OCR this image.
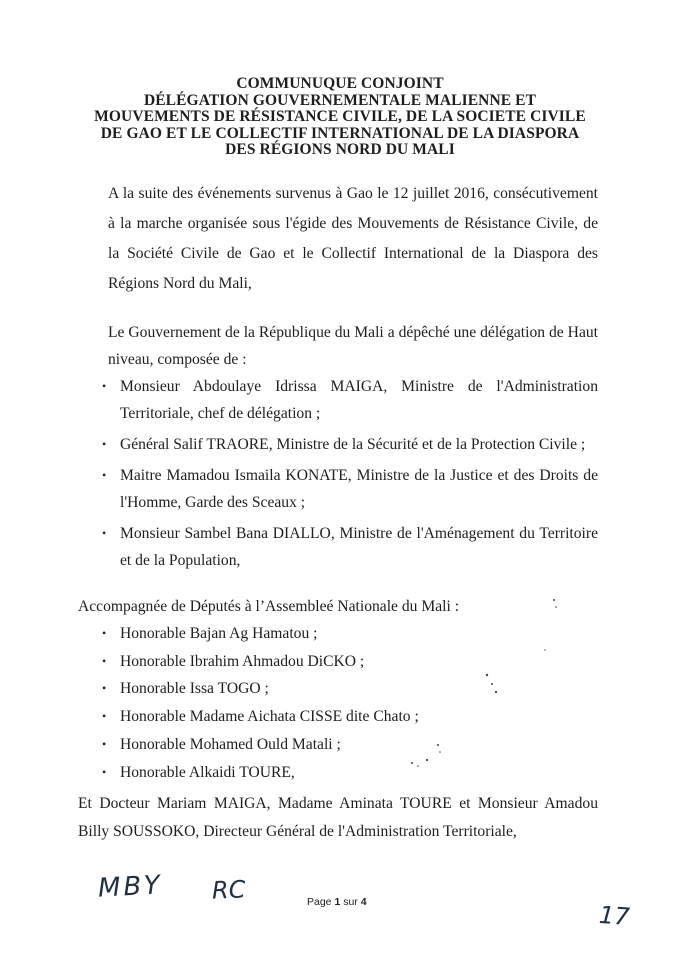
COMMUNUQUE CONJOINT
DÉLÉGATION GOUVERNEMENTALE MALIENNE ET
MOUVEMENTS DE RÉSISTANCE CIVILE, DE LA SOCIETE CIVILE
DE GAO ET LE COLLECTIF INTERNATIONAL DE LA DIASPORA
DES RÉGIONS NORD DU MALI
A la suite des événements survenus à Gao le 12 juillet 2016, consécutivement à la marche organisée sous l'égide des Mouvements de Résistance Civile, de la Société Civile de Gao et le Collectif International de la Diaspora des Régions Nord du Mali,
Le Gouvernement de la République du Mali a dépêché une délégation de Haut niveau, composée de :
• Monsieur Abdoulaye Idrissa MAIGA, Ministre de l'Administration Territoriale, chef de délégation ;
• Général Salif TRAORE, Ministre de la Sécurité et de la Protection Civile ;
• Maitre Mamadou Ismaila KONATE, Ministre de la Justice et des Droits de l'Homme, Garde des Sceaux ;
• Monsieur Sambel Bana DIALLO, Ministre de l'Aménagement du Territoire et de la Population,
Accompagnée de Députés à l’Assembleé Nationale du Mali :
• Honorable Bajan Ag Hamatou ;
• Honorable Ibrahim Ahmadou DiCKO ;
• Honorable Issa TOGO ;
• Honorable Madame Aichata CISSE dite Chato ;
• Honorable Mohamed Ould Matali ;
• Honorable Alkaidi TOURE,
Et Docteur Mariam MAIGA, Madame Aminata TOURE et Monsieur Amadou Billy SOUSSOKO, Directeur Général de l'Administration Territoriale,
MBY RC
17
Page 1 sur 4
